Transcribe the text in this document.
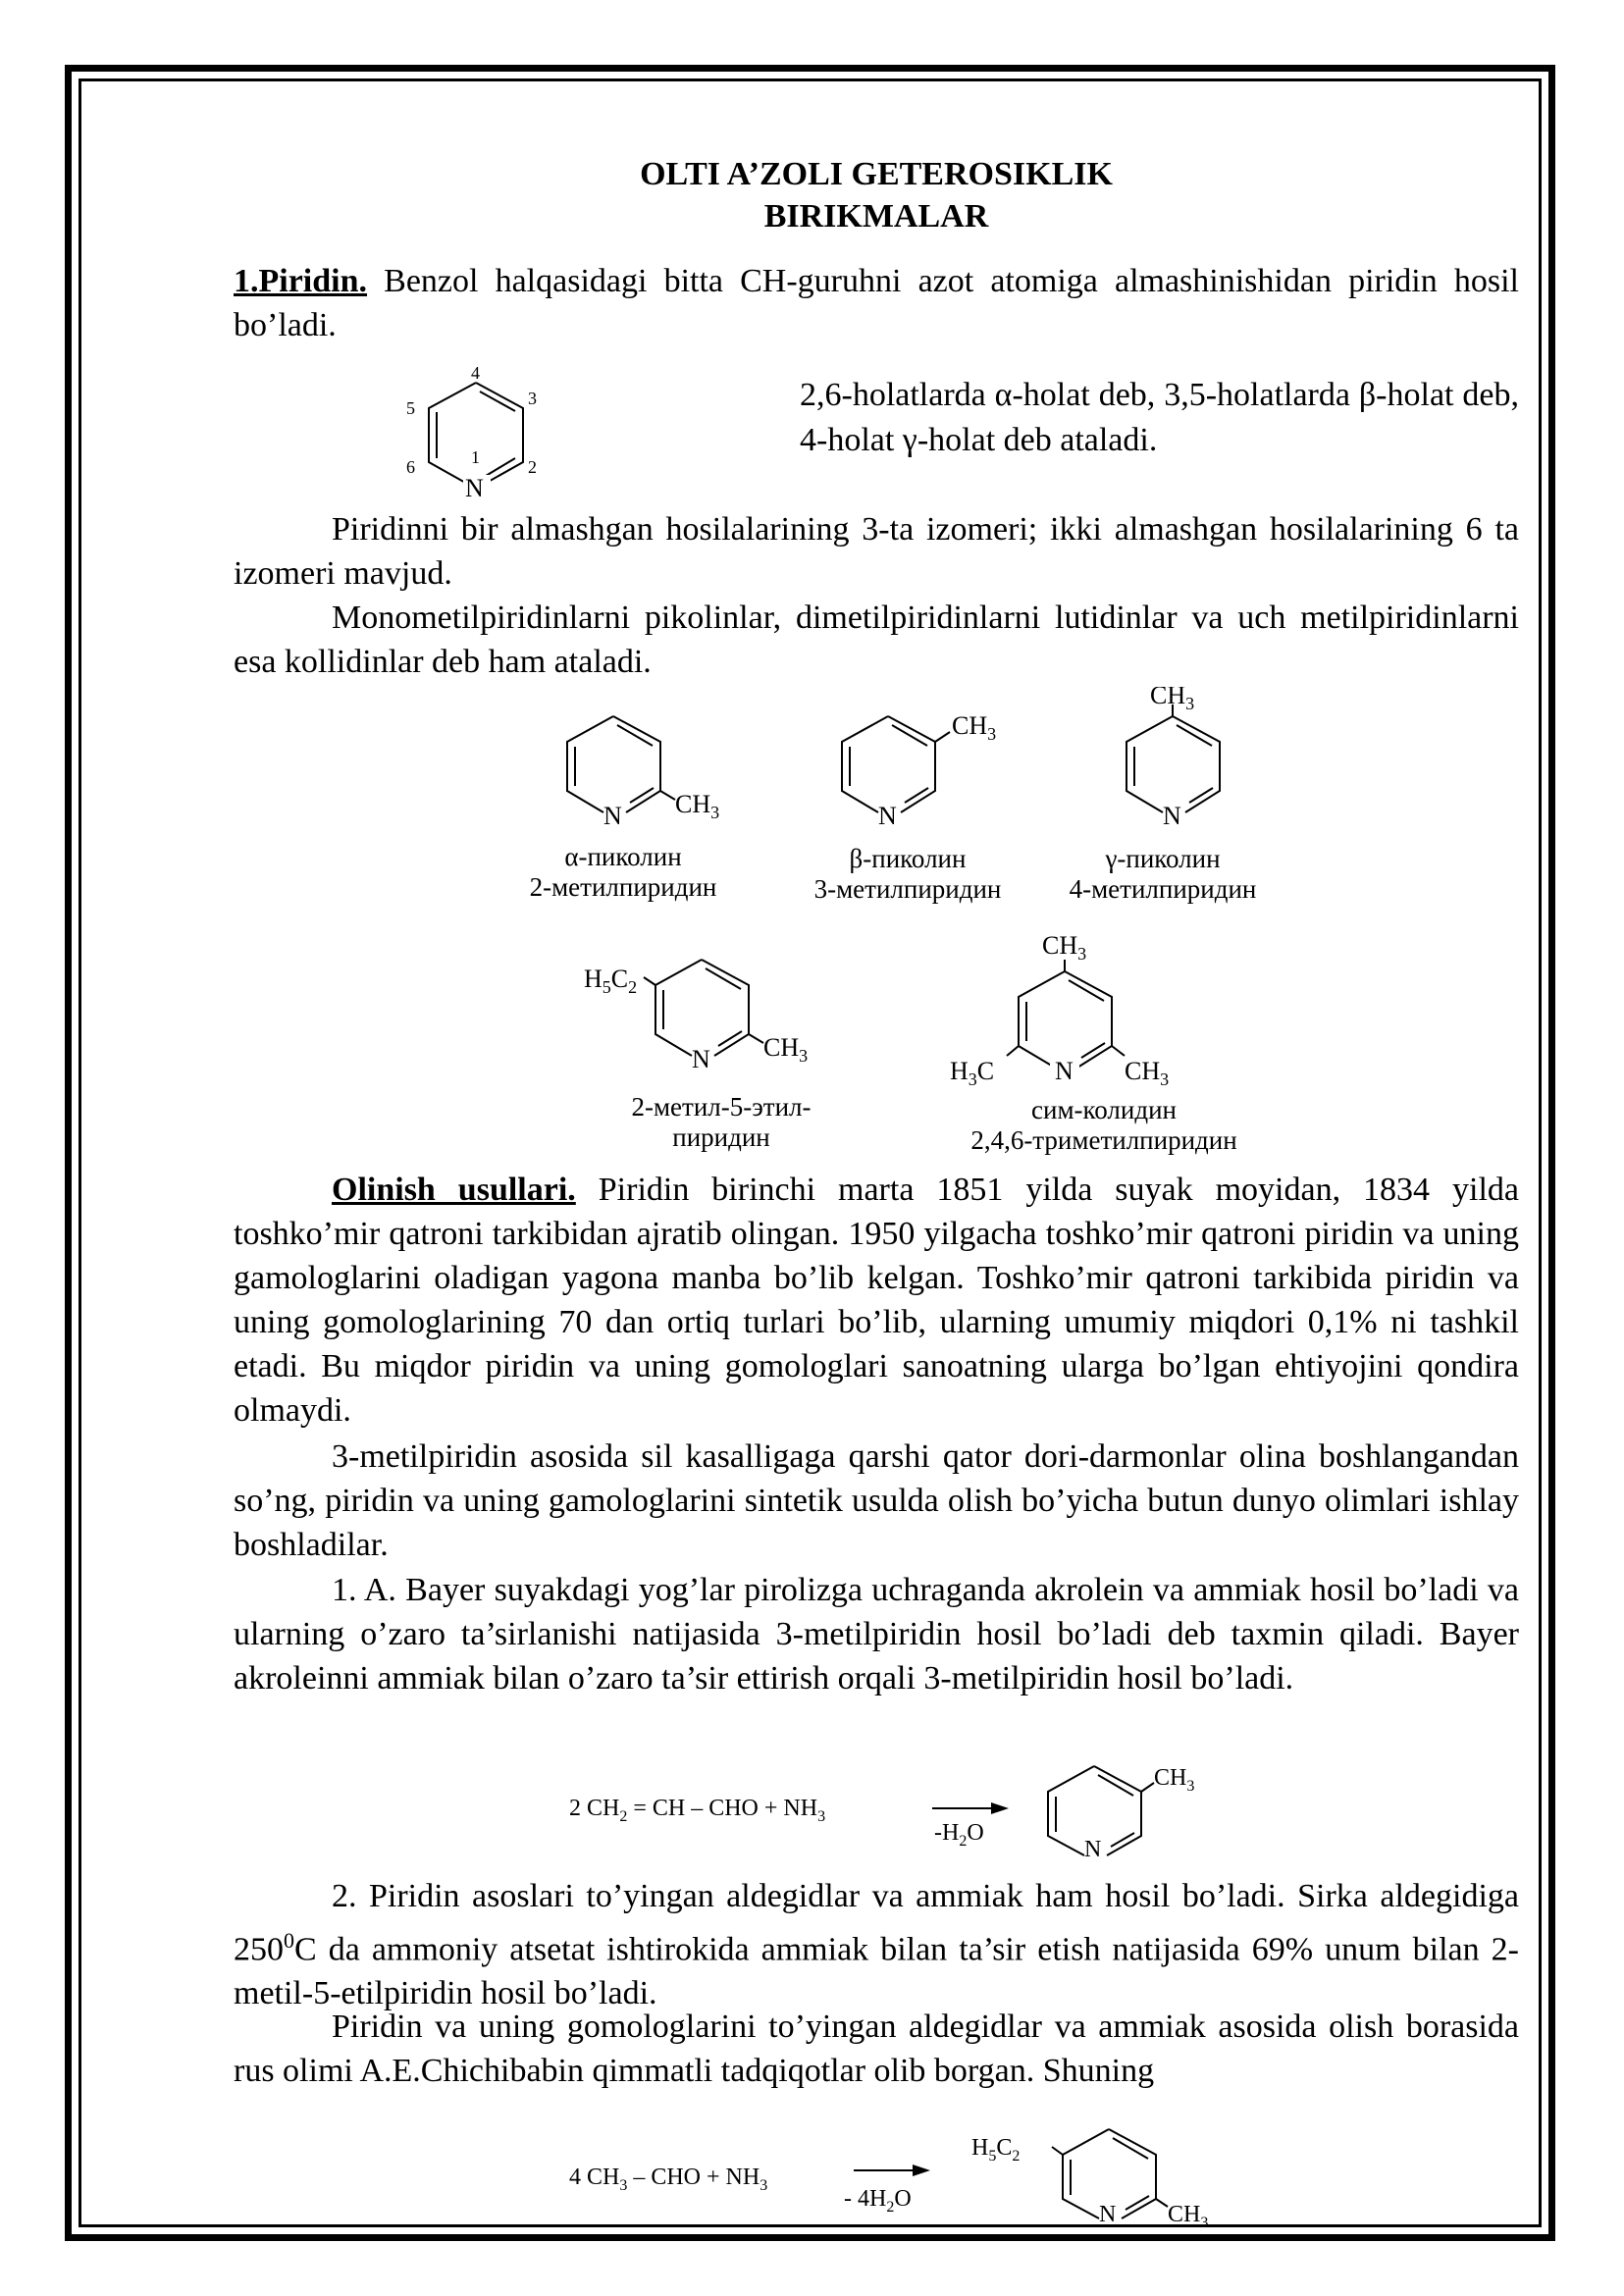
OLTI A’ZOLI GETEROSIKLIK
BIRIKMALAR

1.Piridin. Benzol halqasidagi bitta CH-guruhni azot atomiga almashinishidan piridin hosil bo’ladi.

4
3
5
6	1	2
N

2,6-holatlarda α-holat deb, 3,5-holatlarda β-holat deb, 4-holat γ-holat deb ataladi.

Piridinni bir almashgan hosilalarining 3-ta izomeri; ikki almashgan hosilalarining 6 ta izomeri mavjud.

Monometilpiridinlarni pikolinlar, dimetilpiridinlarni lutidinlar va uch metilpiridinlarni esa kollidinlar deb ham ataladi.

N $CH_3$	N
$CH_3$
N
$CH_3$
α-пиколин
2-метилпиридин
β-пиколин
3-метилпиридин
γ-пиколин
4-метилпиридин
$H_5C_2$
N $CH_3$
$CH_3$
N $CH_3$
$H_3C$
2-метил-5-этил-
пиридин
сим-колидин
2,4,6-триметилпиридин

Olinish usullari. Piridin birinchi marta 1851 yilda suyak moyidan, 1834 yilda toshko’mir qatroni tarkibidan ajratib olingan. 1950 yilgacha toshko’mir qatroni piridin va uning gamologlarini oladigan yagona manba bo’lib kelgan. Toshko’mir qatroni tarkibida piridin va uning gomologlarining 70 dan ortiq turlari bo’lib, ularning umumiy miqdori 0,1% ni tashkil etadi. Bu miqdor piridin va uning gomologlari sanoatning ularga bo’lgan ehtiyojini qondira olmaydi.

3-metilpiridin asosida sil kasalligaga qarshi qator dori-darmonlar olina boshlangandan so’ng, piridin va uning gamologlarini sintetik usulda olish bo’yicha butun dunyo olimlari ishlay boshladilar.

1. A. Bayer suyakdagi yog’lar pirolizga uchraganda akrolein va ammiak hosil bo’ladi va ularning o’zaro ta’sirlanishi natijasida 3-metilpiridin hosil bo’ladi deb taxmin qiladi. Bayer akroleinni ammiak bilan o’zaro ta’sir ettirish orqali 3-metilpiridin hosil bo’ladi.

2 $CH_2$ = CH – CHO + $NH_3$
$-H_2O$
N
$CH_3$

2. Piridin asoslari to’yingan aldegidlar va ammiak ham hosil bo’ladi. Sirka aldegidiga $250^0C$ da ammoniy atsetat ishtirokida ammiak bilan ta’sir etish natijasida 69% unum bilan 2-metil-5-etilpiridin hosil bo’ladi.

Piridin va uning gomologlarini to’yingan aldegidlar va ammiak asosida olish borasida rus olimi A.E.Chichibabin qimmatli tadqiqotlar olib borgan. Shuning

4 $CH_3$ – CHO + $NH_3$
- $4H_2O$
$H_5C_2$
N $CH_3$
